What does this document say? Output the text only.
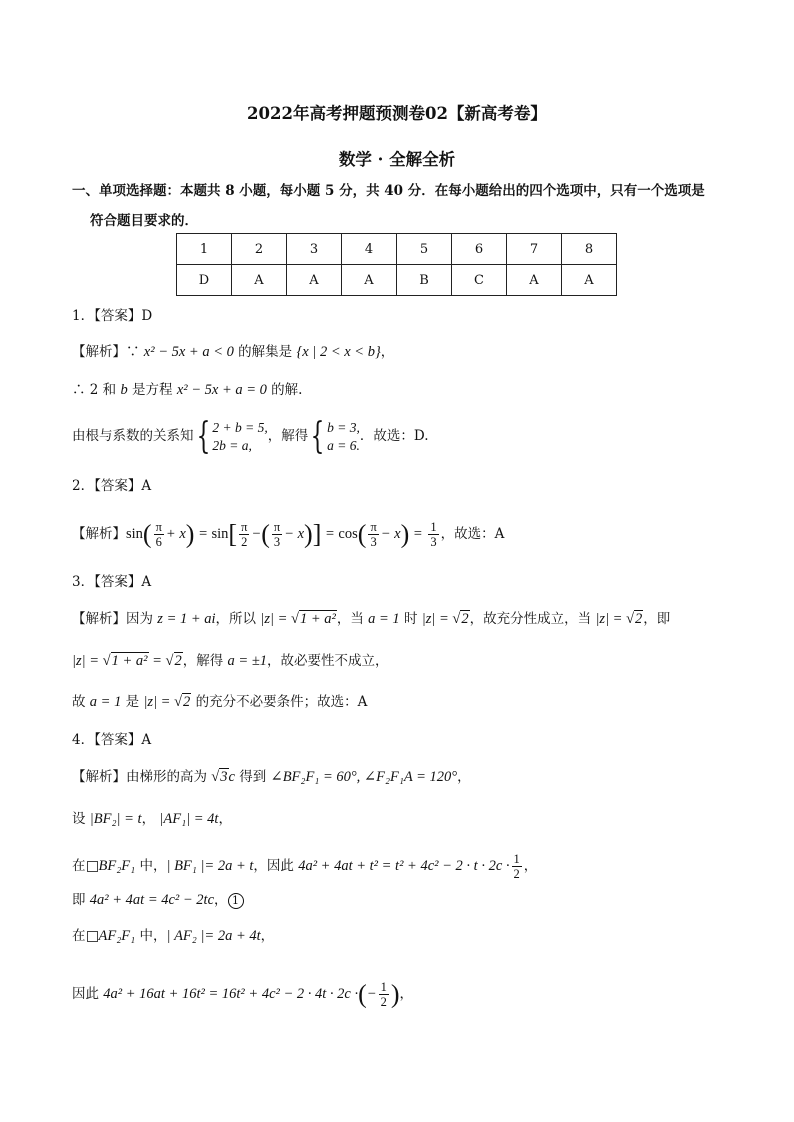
2022年高考押题预测卷02【新高考卷】
数学 · 全解全析
一、单项选择题：本题共 8 小题，每小题 5 分，共 40 分．在每小题给出的四个选项中，只有一个选项是
符合题目要求的．
1	2	3	4	5	6	7	8
D	A	A	A	B	C	A	A
1．【答案】D
【解析】∵ x² − 5x + a < 0 的解集是 {x | 2 < x < b}，
∴ 2 和 b 是方程 x² − 5x + a = 0 的解.
由根与系数的关系知{ 2 + b = 5,
2b = a,
，解得{ b = 3,
a = 6.
．故选：D.
2．【答案】A
【解析】$\sin( \frac{\pi}{6} + x) = \sin[ \frac{\pi}{2}$ −( $\frac{\pi}{3} - x)] = \cos( \frac{\pi}{3} - x) = \frac{1}{3}$ ，故选：A
3．【答案】A
【解析】因为 z = 1 + ai，所以 |z| = √1 + a²，当 a = 1 时 |z| = √2，故充分性成立，当 |z| = √2，即
|z| = √1 + a² = √2，解得 a = ±1，故必要性不成立，
故 a = 1 是 |z| = √2 的充分不必要条件；故选：A
4．【答案】A
【解析】由梯形的高为 √3c 得到 ∠BF₂F₁ = 60°, ∠F₂F₁A = 120°，
设 |BF₂| = t， |AF₁| = 4t，
在 BF₂F₁ 中，| BF₁ |= 2a + t，因此 $4a^2 + 4at + t^2 = t^2 + 4c^2 - 2 \cdot t \cdot 2c \cdot \frac{1}{2}$ ，
即 4a² + 4at = 4c² − 2tc， 1
在 AF₂F₁ 中，| AF₂ |= 2a + 4t，
因此 4a² + 16at + 16t² = 16t² + 4c² − 2 · 4t · 2c ·(− $\frac{1}{2}$ )，
